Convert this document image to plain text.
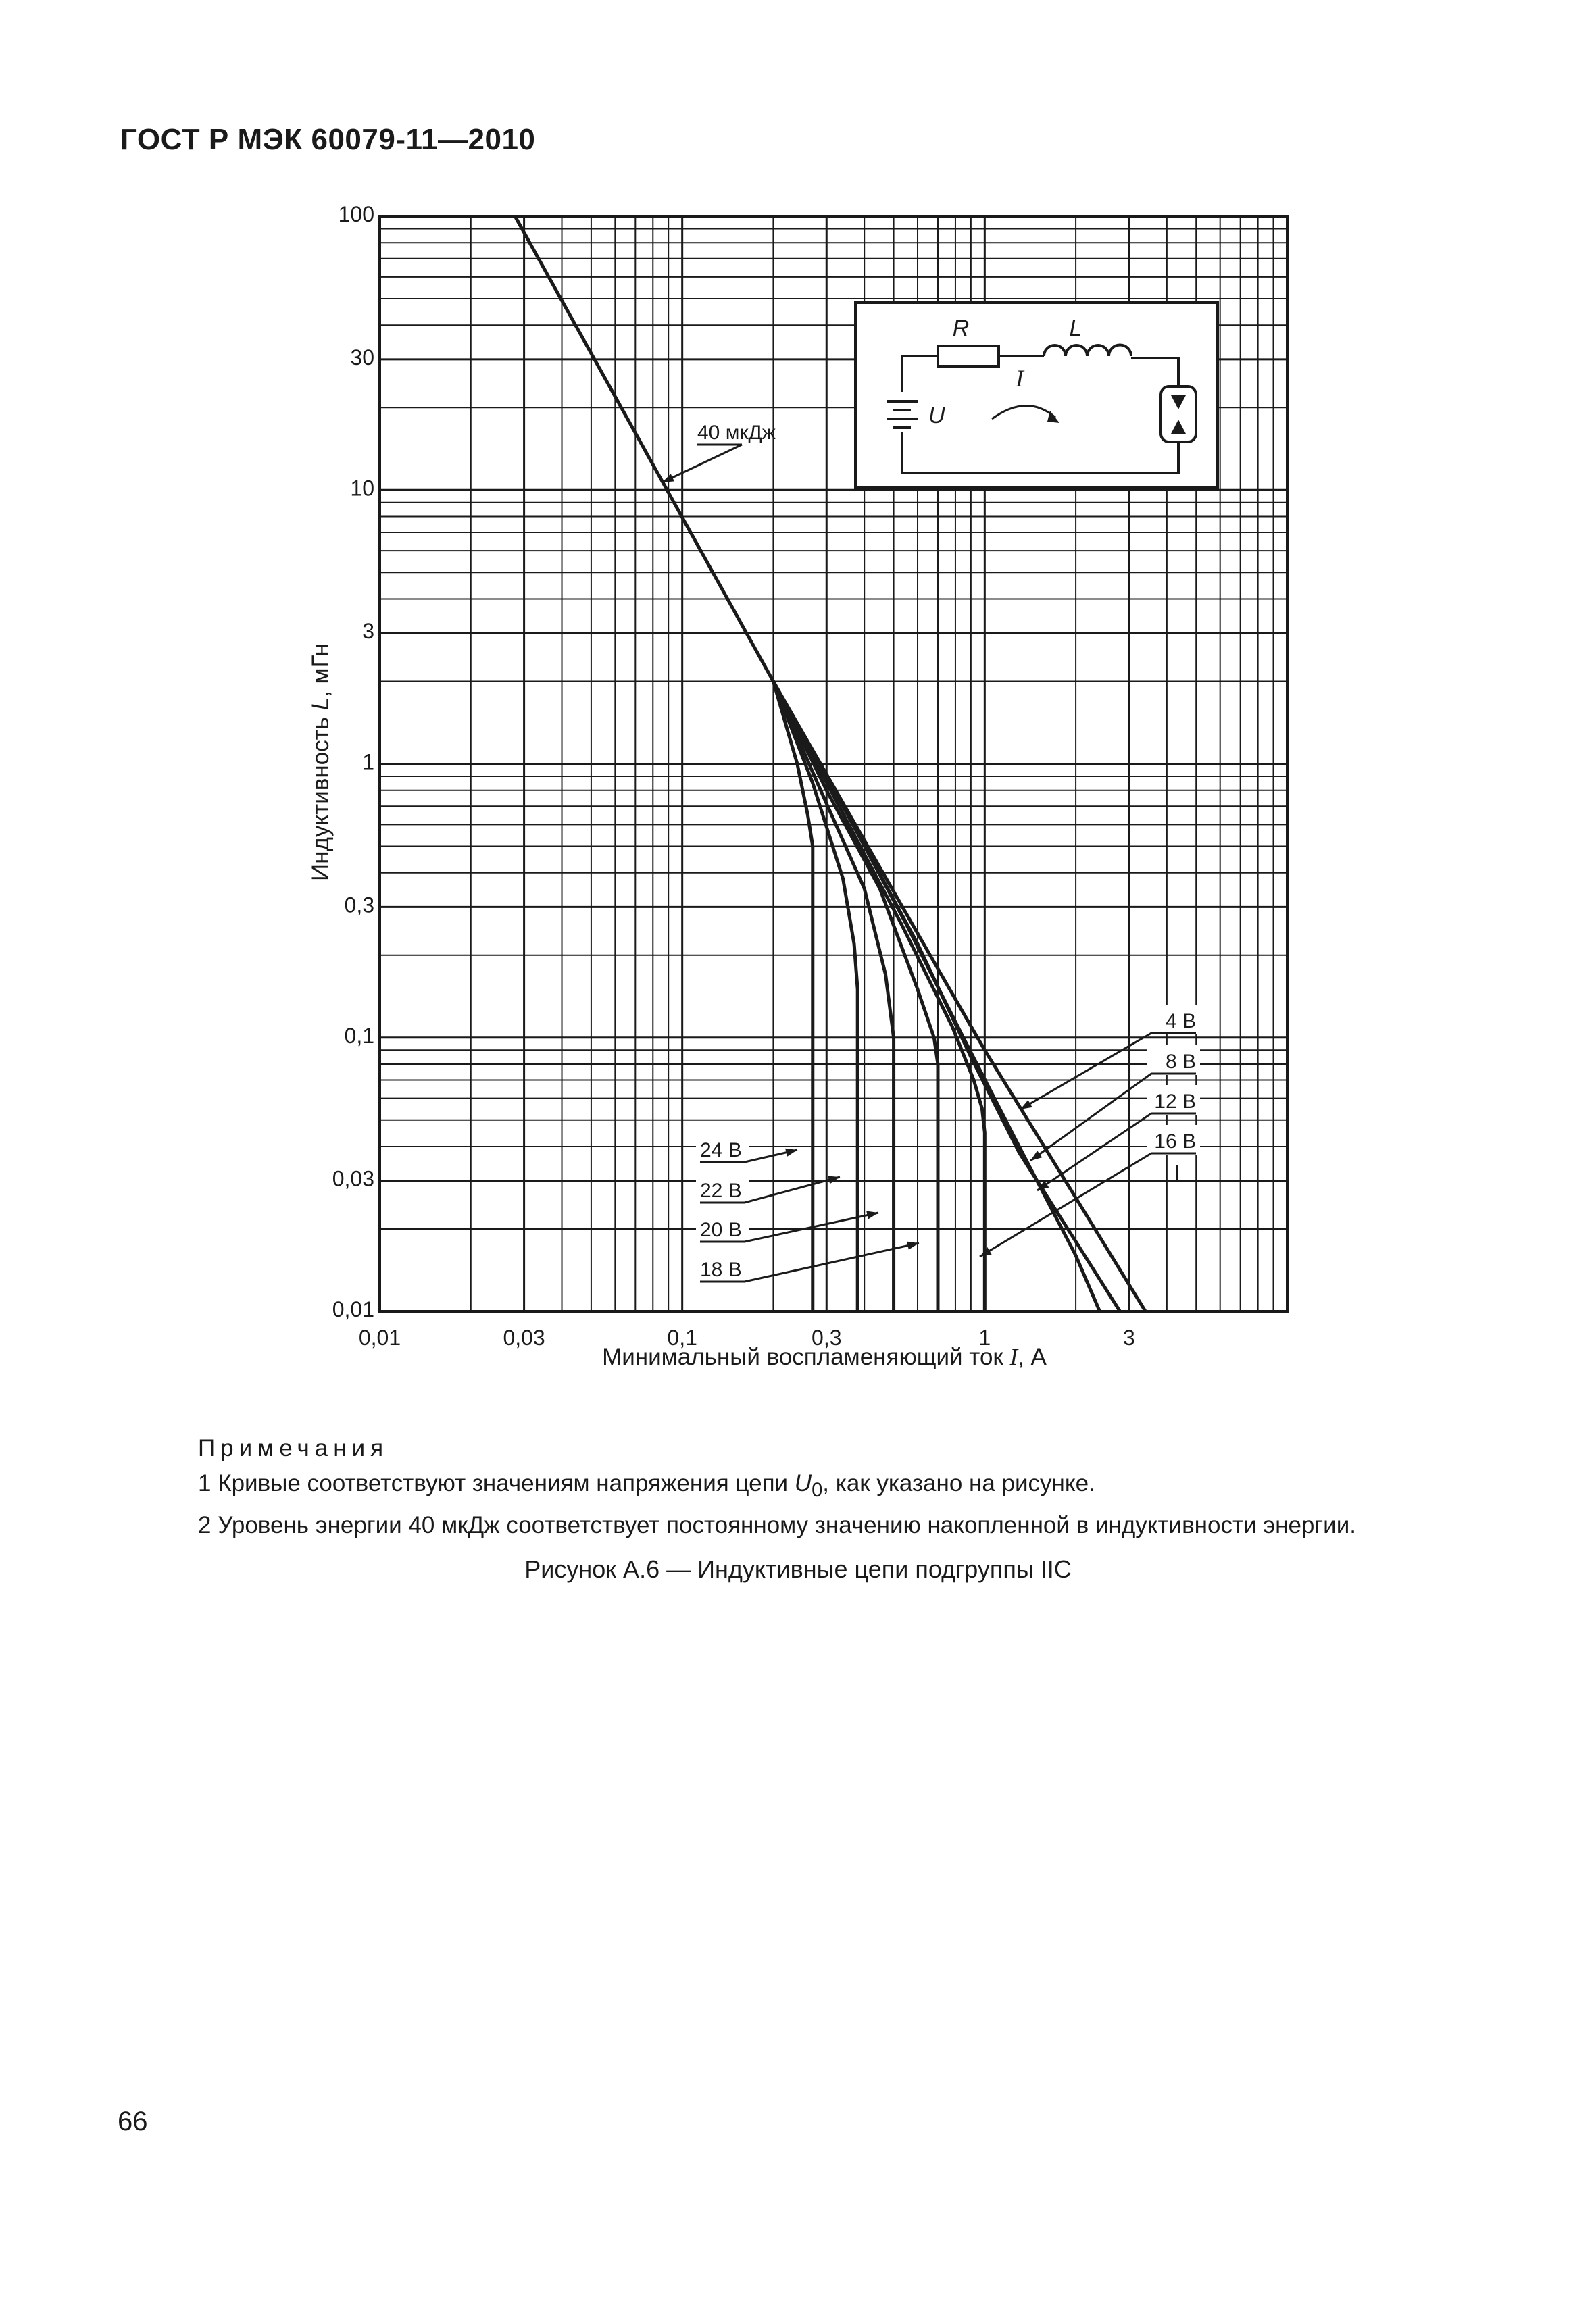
ГОСТ Р МЭК 60079-11—2010
0,01	0,03	0,1	0,3	1	3
0,01
0,03
0,1
0,3
1
3
10
30
100
R	L
U
I
40 мкДж
4 В
8 В
12 В
16 В
24 В
22 В
20 В
18 В
Минимальный воспламеняющий ток I, А
Индуктивность L, мГн
Примечания
1 Кривые соответствуют значениям напряжения цепи $U_0$, как указано на рисунке.
2 Уровень энергии 40 мкДж соответствует постоянному значению накопленной в индуктивности энергии.
Рисунок А.6 — Индуктивные цепи подгруппы IIC
66
